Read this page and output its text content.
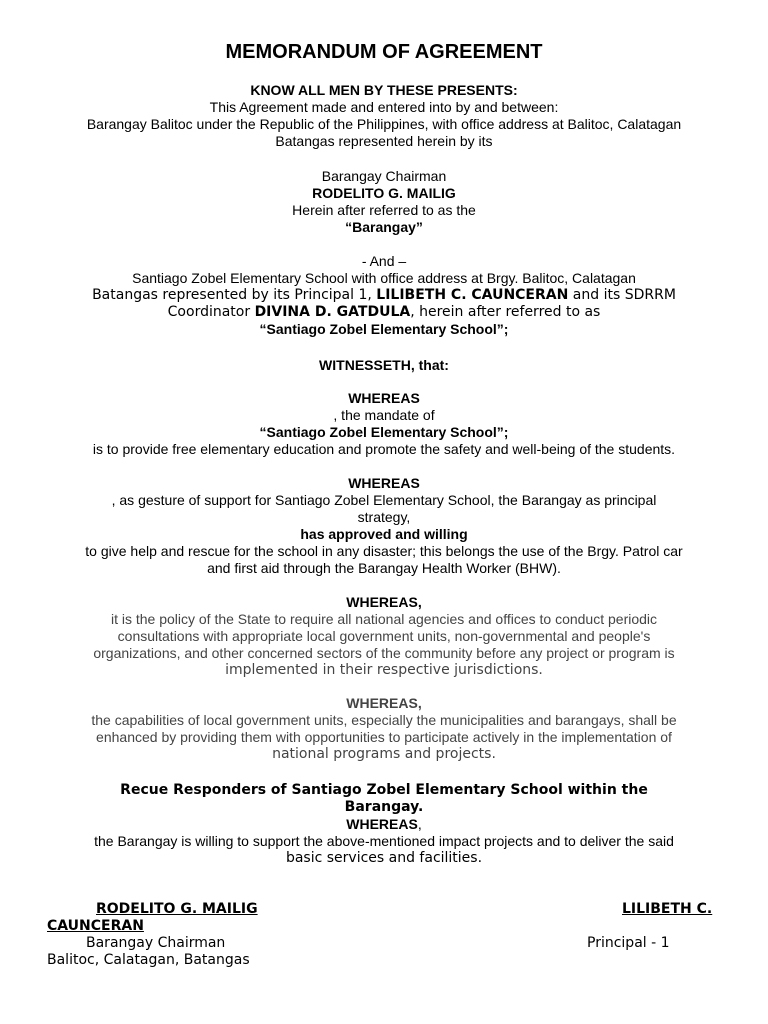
MEMORANDUM OF AGREEMENT

KNOW ALL MEN BY THESE PRESENTS:

This Agreement made and entered into by and between:

Barangay Balitoc under the Republic of the Philippines, with office address at Balitoc, Calatagan

Batangas represented herein by its

Barangay Chairman

RODELITO G. MAILIG

Herein after referred to as the

“Barangay”

- And –

Santiago Zobel Elementary School with office address at Brgy. Balitoc, Calatagan

Batangas represented by its Principal 1, LILIBETH C. CAUNCERAN and its SDRRM

Coordinator DIVINA D. GATDULA, herein after referred to as

“Santiago Zobel Elementary School”;

WITNESSETH, that:

WHEREAS

, the mandate of

“Santiago Zobel Elementary School”;

is to provide free elementary education and promote the safety and well-being of the students.

WHEREAS

, as gesture of support for Santiago Zobel Elementary School, the Barangay as principal

strategy,

has approved and willing

to give help and rescue for the school in any disaster; this belongs the use of the Brgy. Patrol car

and first aid through the Barangay Health Worker (BHW).

WHEREAS,

it is the policy of the State to require all national agencies and offices to conduct periodic

consultations with appropriate local government units, non-governmental and people's

organizations, and other concerned sectors of the community before any project or program is

implemented in their respective jurisdictions.

WHEREAS,

the capabilities of local government units, especially the municipalities and barangays, shall be

enhanced by providing them with opportunities to participate actively in the implementation of

national programs and projects.

Recue Responders of Santiago Zobel Elementary School within the

Barangay.

WHEREAS,

the Barangay is willing to support the above-mentioned impact projects and to deliver the said

basic services and facilities.

RODELITO G. MAILIG	LILIBETH C.
CAUNCERAN
Barangay Chairman	Principal - 1
Balitoc, Calatagan, Batangas
